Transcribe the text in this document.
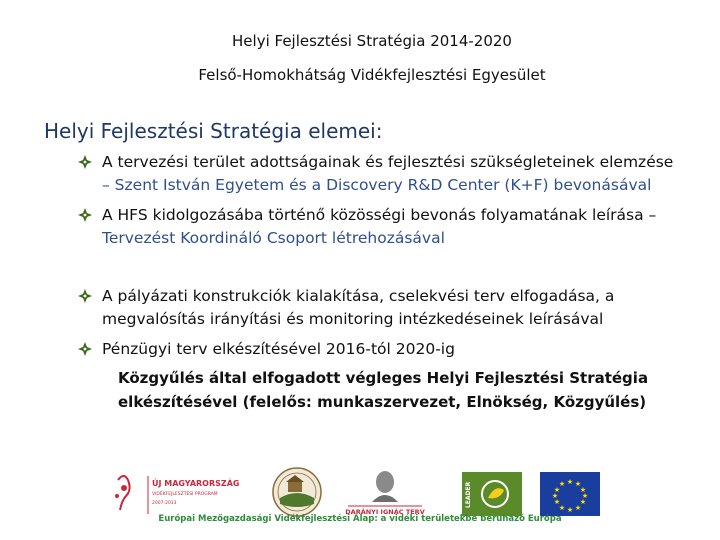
Helyi Fejlesztési Stratégia 2014-2020
Felső-Homokhátság Vidékfejlesztési Egyesület
Helyi Fejlesztési Stratégia elemei:
A tervezési terület adottságainak és fejlesztési szükségleteinek elemzése
– Szent István Egyetem és a Discovery R&D Center (K+F) bevonásával
A HFS kidolgozásába történő közösségi bevonás folyamatának leírása –
Tervezést Koordináló Csoport létrehozásával
A pályázati konstrukciók kialakítása, cselekvési terv elfogadása, a
megvalósítás irányítási és monitoring intézkedéseinek leírásával
Pénzügyi terv elkészítésével 2016-tól 2020-ig
Közgyűlés által elfogadott végleges Helyi Fejlesztési Stratégia
elkészítésével (felelős: munkaszervezet, Elnökség, Közgyűlés)
ÚJ MAGYARORSZÁG
VIDÉKFEJLESZTÉSI PROGRAM
2007-2013
DARÁNYI IGNÁC TERV
LEADER	★ ★
★
★
★
★
★
★
★
★
★
★
Európai Mezőgazdasági Vidékfejlesztési Alap: a vidéki területekbe beruházó Európa
